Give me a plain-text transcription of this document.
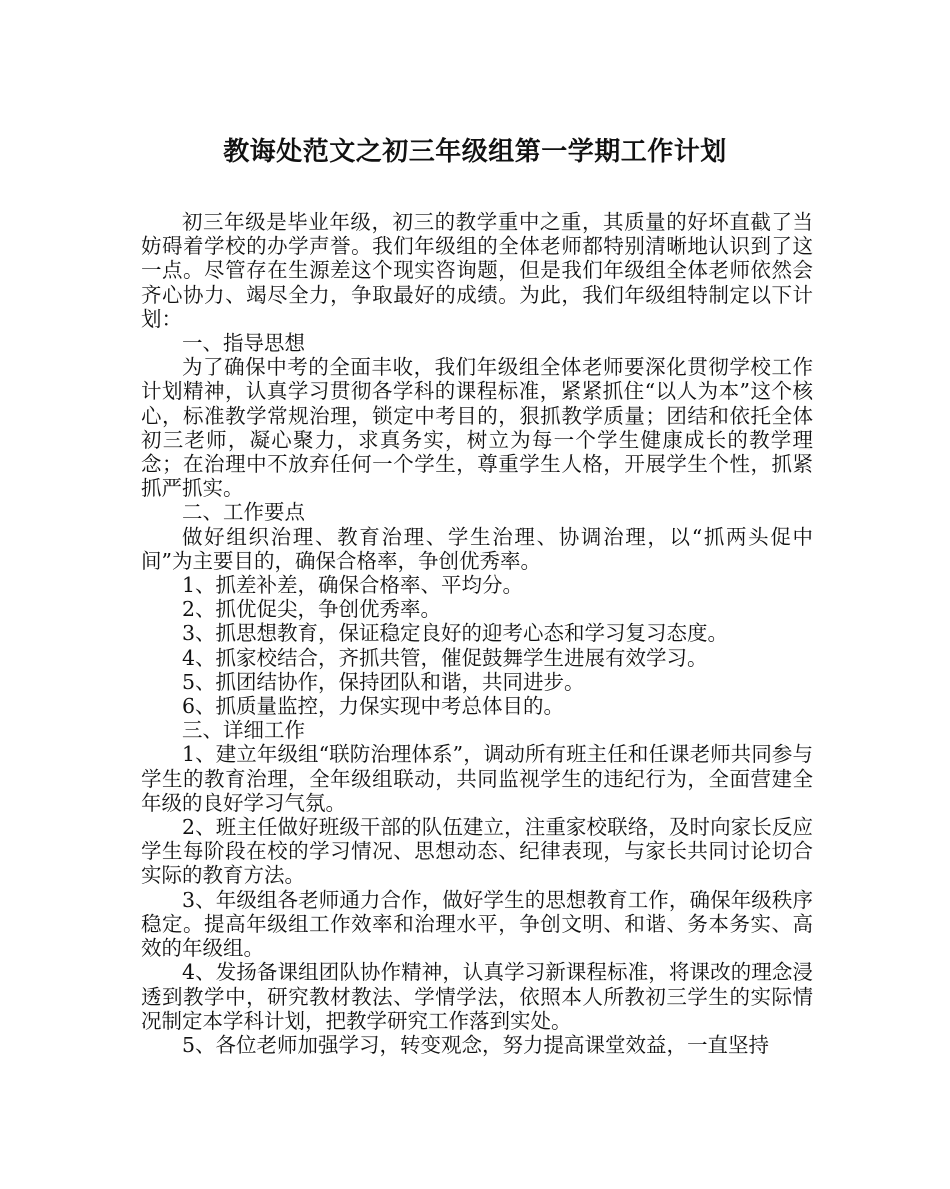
教诲处范文之初三年级组第一学期工作计划

初三年级是毕业年级，初三的教学重中之重，其质量的好坏直截了当妨碍着学校的办学声誉。我们年级组的全体老师都特别清晰地认识到了这一点。尽管存在生源差这个现实咨询题，但是我们年级组全体老师依然会齐心协力、竭尽全力，争取最好的成绩。为此，我们年级组特制定以下计划：

一、指导思想

为了确保中考的全面丰收，我们年级组全体老师要深化贯彻学校工作计划精神，认真学习贯彻各学科的课程标准，紧紧抓住“以人为本”这个核心，标准教学常规治理，锁定中考目的，狠抓教学质量；团结和依托全体初三老师，凝心聚力，求真务实，树立为每一个学生健康成长的教学理念；在治理中不放弃任何一个学生，尊重学生人格，开展学生个性，抓紧抓严抓实。

二、工作要点

做好组织治理、教育治理、学生治理、协调治理，以“抓两头促中间”为主要目的，确保合格率，争创优秀率。

1、抓差补差，确保合格率、平均分。

2、抓优促尖，争创优秀率。

3、抓思想教育，保证稳定良好的迎考心态和学习复习态度。

4、抓家校结合，齐抓共管，催促鼓舞学生进展有效学习。

5、抓团结协作，保持团队和谐，共同进步。

6、抓质量监控，力保实现中考总体目的。

三、详细工作

1、建立年级组“联防治理体系”，调动所有班主任和任课老师共同参与学生的教育治理，全年级组联动，共同监视学生的违纪行为，全面营建全年级的良好学习气氛。

2、班主任做好班级干部的队伍建立，注重家校联络，及时向家长反应学生每阶段在校的学习情况、思想动态、纪律表现，与家长共同讨论切合实际的教育方法。

3、年级组各老师通力合作，做好学生的思想教育工作，确保年级秩序稳定。提高年级组工作效率和治理水平，争创文明、和谐、务本务实、高效的年级组。

4、发扬备课组团队协作精神，认真学习新课程标准，将课改的理念浸透到教学中，研究教材教法、学情学法，依照本人所教初三学生的实际情况制定本学科计划，把教学研究工作落到实处。

5、各位老师加强学习，转变观念，努力提高课堂效益，一直坚持
